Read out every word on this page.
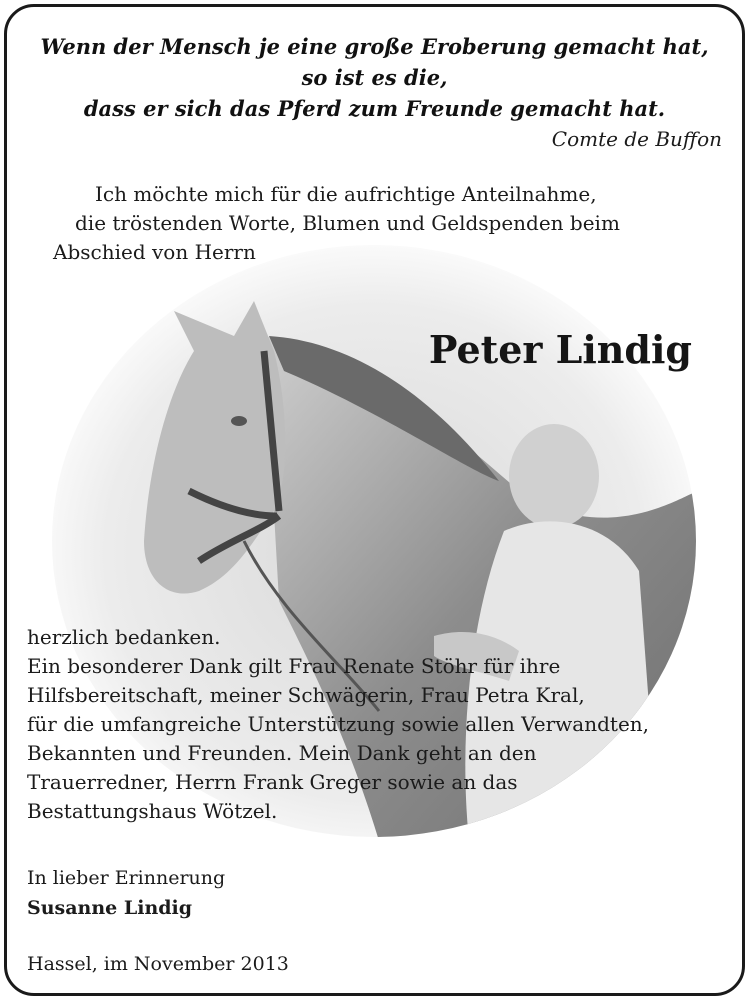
Wenn der Mensch je eine große Eroberung gemacht hat,
so ist es die,
dass er sich das Pferd zum Freunde gemacht hat.
Comte de Buffon
Ich möchte mich für die aufrichtige Anteilnahme,
die tröstenden Worte, Blumen und Geldspenden beim
Abschied von Herrn
Peter Lindig
herzlich bedanken.
Ein besonderer Dank gilt Frau Renate Stöhr für ihre
Hilfsbereitschaft, meiner Schwägerin, Frau Petra Kral,
für die umfangreiche Unterstützung sowie allen Verwandten,
Bekannten und Freunden. Mein Dank geht an den
Trauerredner, Herrn Frank Greger sowie an das
Bestattungshaus Wötzel.
In lieber Erinnerung
Susanne Lindig
Hassel, im November 2013
